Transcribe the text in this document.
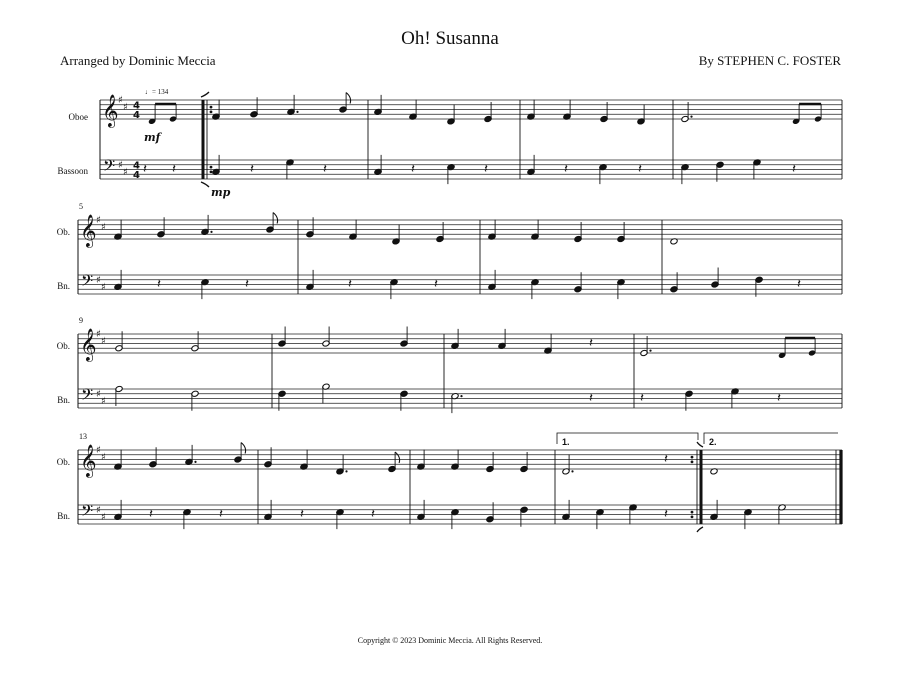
Oh! Susanna
Arranged by Dominic Meccia	By STEPHEN C. FOSTER
♩= 134
Oboe
Bassoon
Ob.
Bn.
Ob.
Bn.
Ob.
Bn.
5
9
13
mf
mp
1.	2.
Copyright © 2023 Dominic Meccia. All Rights Reserved.
𝄞
𝄢
♯
♯
♯
♯
𝄞
𝄢
♯
♯
♯
♯
𝄞
𝄢
♯
♯
♯
♯
𝄞
𝄢
♯
♯
♯
♯
4
4
4
4 𝄽 𝄽	𝄽	𝄽	𝄽	𝄽	𝄽	𝄽	𝄽
𝄽	𝄽	𝄽	𝄽	𝄽
𝄽
𝄽	𝄽	𝄽
𝄽	𝄽	𝄽	𝄽
𝄽
𝄽
